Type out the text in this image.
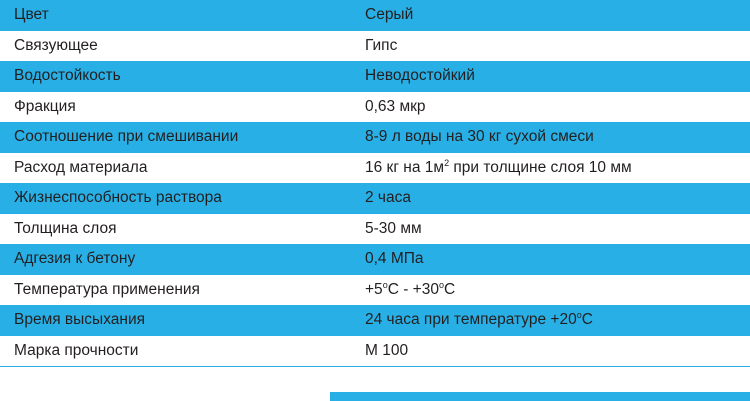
Цвет	Серый
Связующее	Гипс
Водостойкость	Неводостойкий
Фракция	0,63 мкр
Соотношение при смешивании	8-9 л воды на 30 кг сухой смеси
Расход материала	16 кг на $1м^2$ при толщине слоя 10 мм
Жизнеспособность раствора	2 часа
Толщина слоя	5-30 мм
Адгезия к бетону	0,4 МПа
Температура применения	$+5^oC - +30^oC$
Время высыхания	24 часа при температуре $+20^oC$
Марка прочности	М 100
